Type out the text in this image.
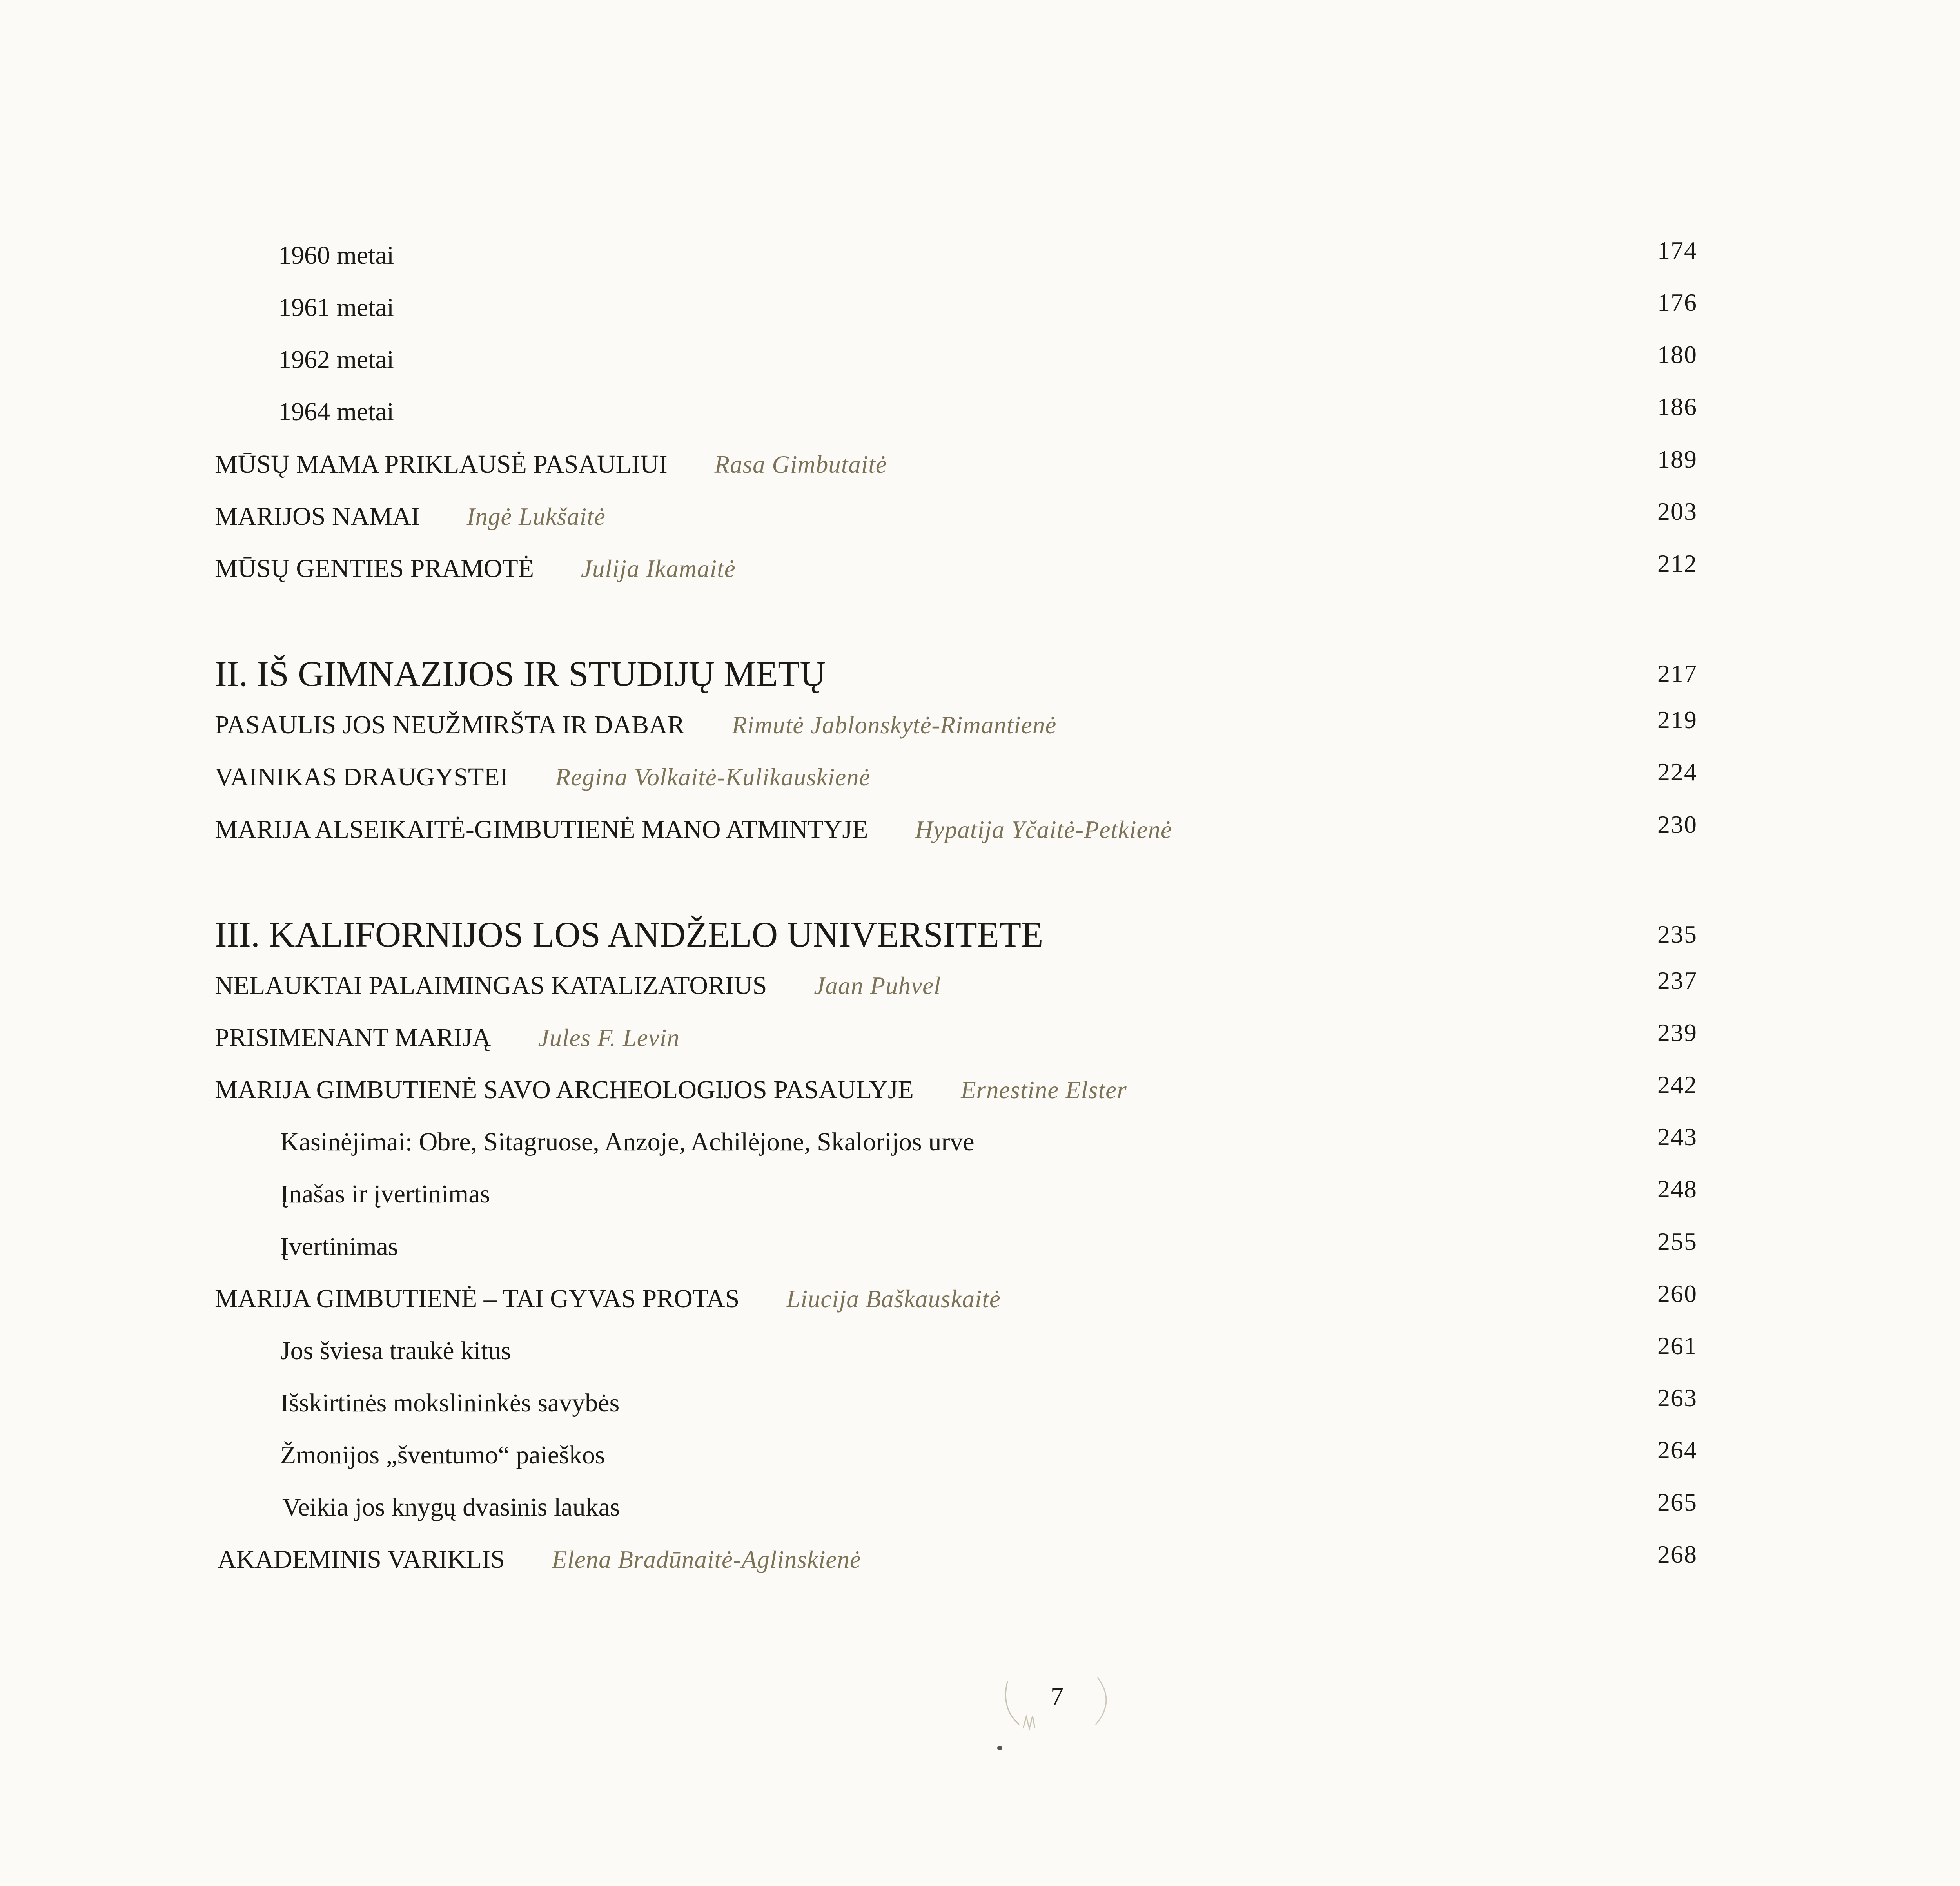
1960 metai	174
1961 metai	176
1962 metai	180
1964 metai	186
MŪSŲ MAMA PRIKLAUSĖ PASAULIUI Rasa Gimbutaitė	189
MARIJOS NAMAI Ingė Lukšaitė	203
MŪSŲ GENTIES PRAMOTĖ Julija Ikamaitė	212
II. IŠ GIMNAZIJOS IR STUDIJŲ METŲ	217
PASAULIS JOS NEUŽMIRŠTA IR DABAR Rimutė Jablonskytė-Rimantienė	219
VAINIKAS DRAUGYSTEI Regina Volkaitė-Kulikauskienė	224
MARIJA ALSEIKAITĖ-GIMBUTIENĖ MANO ATMINTYJE Hypatija Yčaitė-Petkienė	230
III. KALIFORNIJOS LOS ANDŽELO UNIVERSITETE	235
NELAUKTAI PALAIMINGAS KATALIZATORIUS Jaan Puhvel	237
PRISIMENANT MARIJĄ Jules F. Levin	239
MARIJA GIMBUTIENĖ SAVO ARCHEOLOGIJOS PASAULYJE Ernestine Elster	242
Kasinėjimai: Obre, Sitagruose, Anzoje, Achilėjone, Skalorijos urve	243
Įnašas ir įvertinimas	248
Įvertinimas	255
MARIJA GIMBUTIENĖ – TAI GYVAS PROTAS Liucija Baškauskaitė	260
Jos šviesa traukė kitus	261
Išskirtinės mokslininkės savybės	263
Žmonijos „šventumo“ paieškos	264
Veikia jos knygų dvasinis laukas	265
AKADEMINIS VARIKLIS Elena Bradūnaitė-Aglinskienė	268
7
